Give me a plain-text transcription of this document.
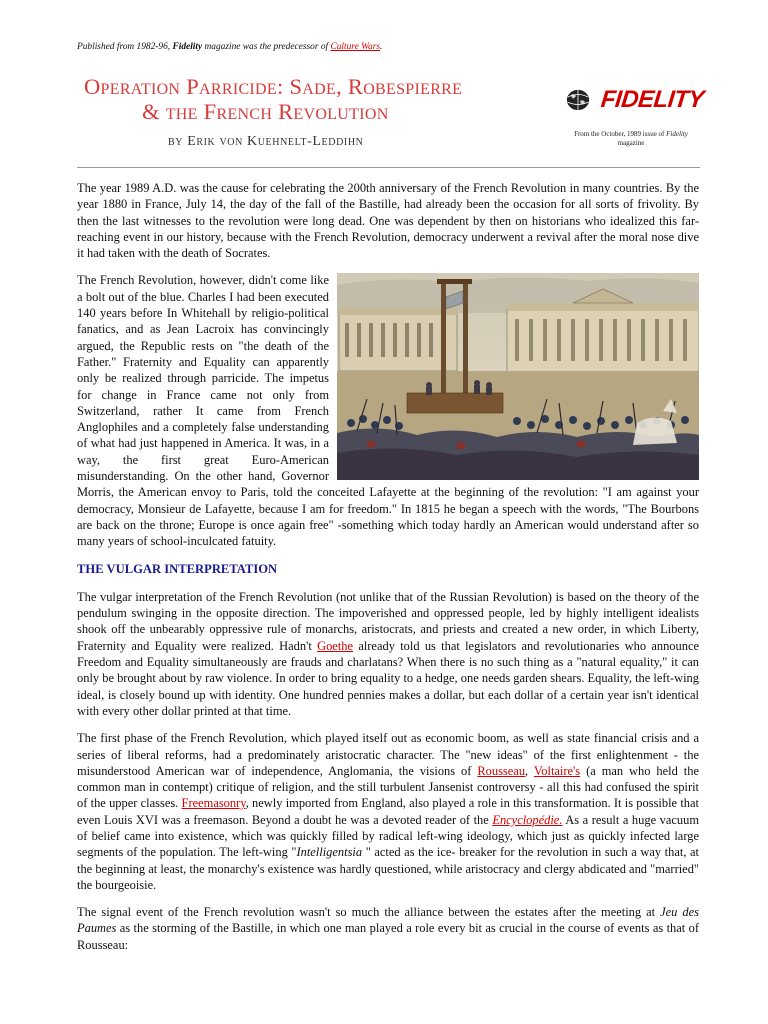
Published from 1982-96, Fidelity magazine was the predecessor of Culture Wars.
Operation Parricide: Sade, Robespierre
& the French Revolution
by Erik von Kuehnelt-Leddihn
FIDELITY
From the October, 1989 issue of Fidelity magazine

The year 1989 A.D. was the cause for celebrating the 200th anniversary of the French Revolution in many countries. By the year 1880 in France, July 14, the day of the fall of the Bastille, had already been the occasion for all sorts of frivolity. By then the last witnesses to the revolution were long dead. One was dependent by then on historians who idealized this far-reaching event in our history, because with the French Revolution, democracy underwent a revival after the moral nose dive it had taken with the death of Socrates.

The French Revolution, however, didn't come like a bolt out of the blue. Charles I had been executed 140 years before In Whitehall by religio-political fanatics, and as Jean Lacroix has convincingly argued, the Republic rests on "the death of the Father." Fraternity and Equality can apparently only be realized through parricide. The impetus for change in France came not only from Switzerland, rather It came from French Anglophiles and a completely false understanding of what had just happened in America. It was, in a way, the first great Euro-American misunderstanding. On the other hand, Governor Morris, the American envoy to Paris, told the conceited Lafayette at the beginning of the revolution: "I am against your democracy, Monsieur de Lafayette, because I am for freedom." In 1815 he began a speech with the words, "The Bourbons are back on the throne; Europe is once again free" -something which today hardly an American would understand after so many years of school-inculcated fatuity.

THE VULGAR INTERPRETATION

The vulgar interpretation of the French Revolution (not unlike that of the Russian Revolution) is based on the theory of the pendulum swinging in the opposite direction. The impoverished and oppressed people, led by highly intelligent idealists shook off the unbearably oppressive rule of monarchs, aristocrats, and priests and created a new order, in which Liberty, Fraternity and Equality were realized. Hadn't Goethe already told us that legislators and revolutionaries who announce Freedom and Equality simultaneously are frauds and charlatans? When there is no such thing as a "natural equality," it can only be brought about by raw violence. In order to bring equality to a hedge, one needs garden shears. Equality, the left-wing ideal, is closely bound up with identity. One hundred pennies makes a dollar, but each dollar of a certain year isn't identical with every other dollar printed at that time.

The first phase of the French Revolution, which played itself out as economic boom, as well as state financial crisis and a series of liberal reforms, had a predominately aristocratic character. The "new ideas" of the first enlightenment - the misunderstood American war of independence, Anglomania, the visions of Rousseau, Voltaire's (a man who held the common man in contempt) critique of religion, and the still turbulent Jansenist controversy - all this had confused the spirit of the upper classes. Freemasonry, newly imported from England, also played a role in this transformation. It is possible that even Louis XVI was a freemason. Beyond a doubt he was a devoted reader of the Encyclopédie. As a result a huge vacuum of belief came into existence, which was quickly filled by radical left-wing ideology, which just as quickly infected large segments of the population. The left-wing "Intelligentsia " acted as the ice- breaker for the revolution in such a way that, at the beginning at least, the monarchy's existence was hardly questioned, while aristocracy and clergy abdicated and "married" the bourgeoisie.

The signal event of the French revolution wasn't so much the alliance between the estates after the meeting at Jeu des Paumes as the storming of the Bastille, in which one man played a role every bit as crucial in the course of events as that of Rousseau:
